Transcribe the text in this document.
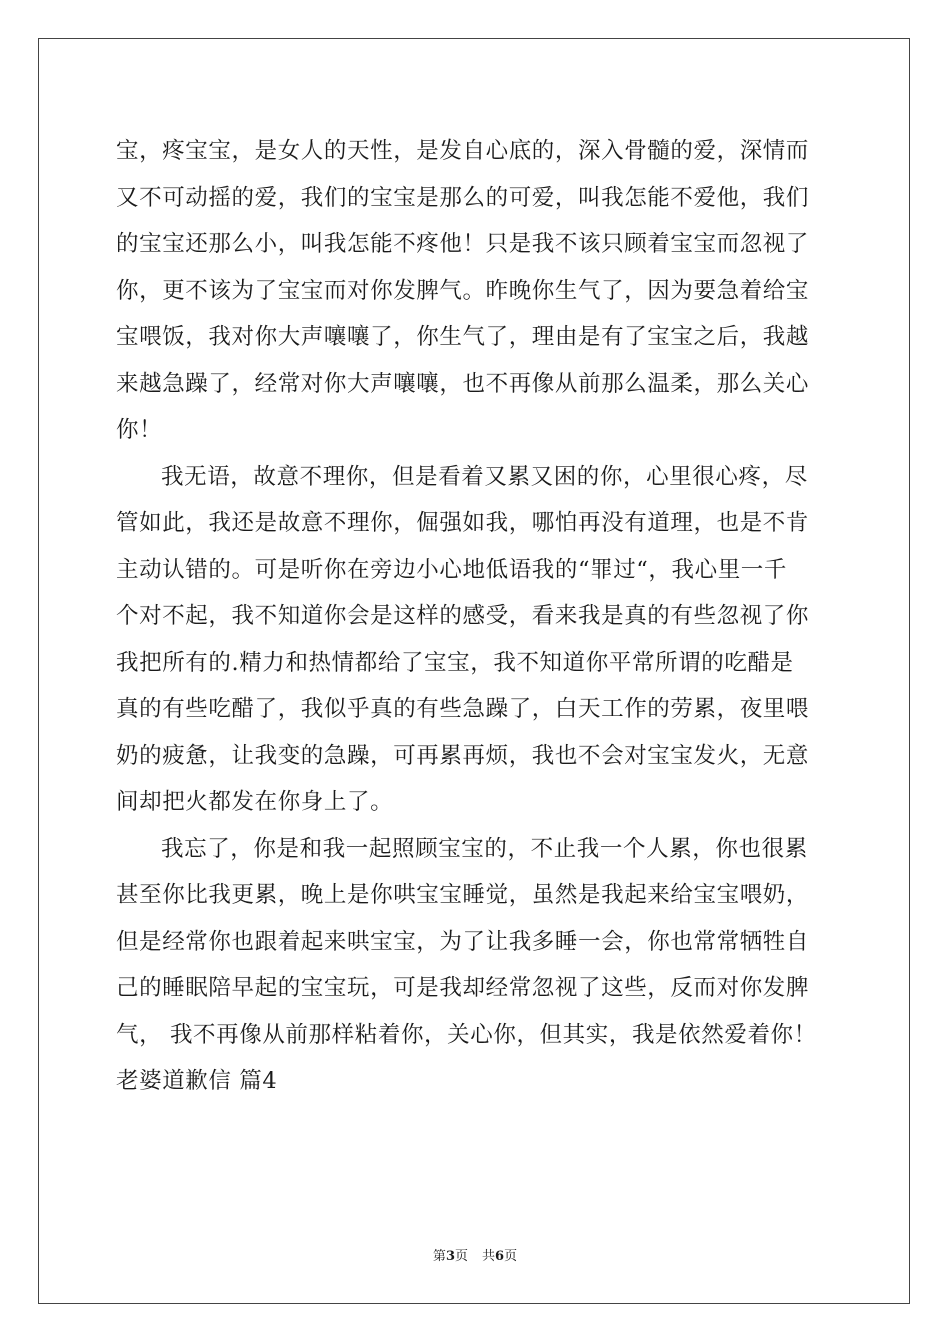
宝，疼宝宝，是女人的天性，是发自心底的，深入骨髓的爱，深情而
又不可动摇的爱，我们的宝宝是那么的可爱，叫我怎能不爱他，我们
的宝宝还那么小，叫我怎能不疼他！只是我不该只顾着宝宝而忽视了
你，更不该为了宝宝而对你发脾气。昨晚你生气了，因为要急着给宝
宝喂饭，我对你大声嚷嚷了，你生气了，理由是有了宝宝之后，我越
来越急躁了，经常对你大声嚷嚷，也不再像从前那么温柔，那么关心
你！
我无语，故意不理你，但是看着又累又困的你，心里很心疼，尽
管如此，我还是故意不理你，倔强如我，哪怕再没有道理，也是不肯
主动认错的。可是听你在旁边小心地低语我的“罪过“，我心里一千
个对不起，我不知道你会是这样的感受，看来我是真的有些忽视了你
我把所有的.精力和热情都给了宝宝，我不知道你平常所谓的吃醋是
真的有些吃醋了，我似乎真的有些急躁了，白天工作的劳累，夜里喂
奶的疲惫，让我变的急躁，可再累再烦，我也不会对宝宝发火，无意
间却把火都发在你身上了。
我忘了，你是和我一起照顾宝宝的，不止我一个人累，你也很累
甚至你比我更累，晚上是你哄宝宝睡觉，虽然是我起来给宝宝喂奶，
但是经常你也跟着起来哄宝宝，为了让我多睡一会，你也常常牺牲自
己的睡眠陪早起的宝宝玩，可是我却经常忽视了这些，反而对你发脾
气， 我不再像从前那样粘着你，关心你，但其实，我是依然爱着你！
老婆道歉信 篇4
第3页 共6页
